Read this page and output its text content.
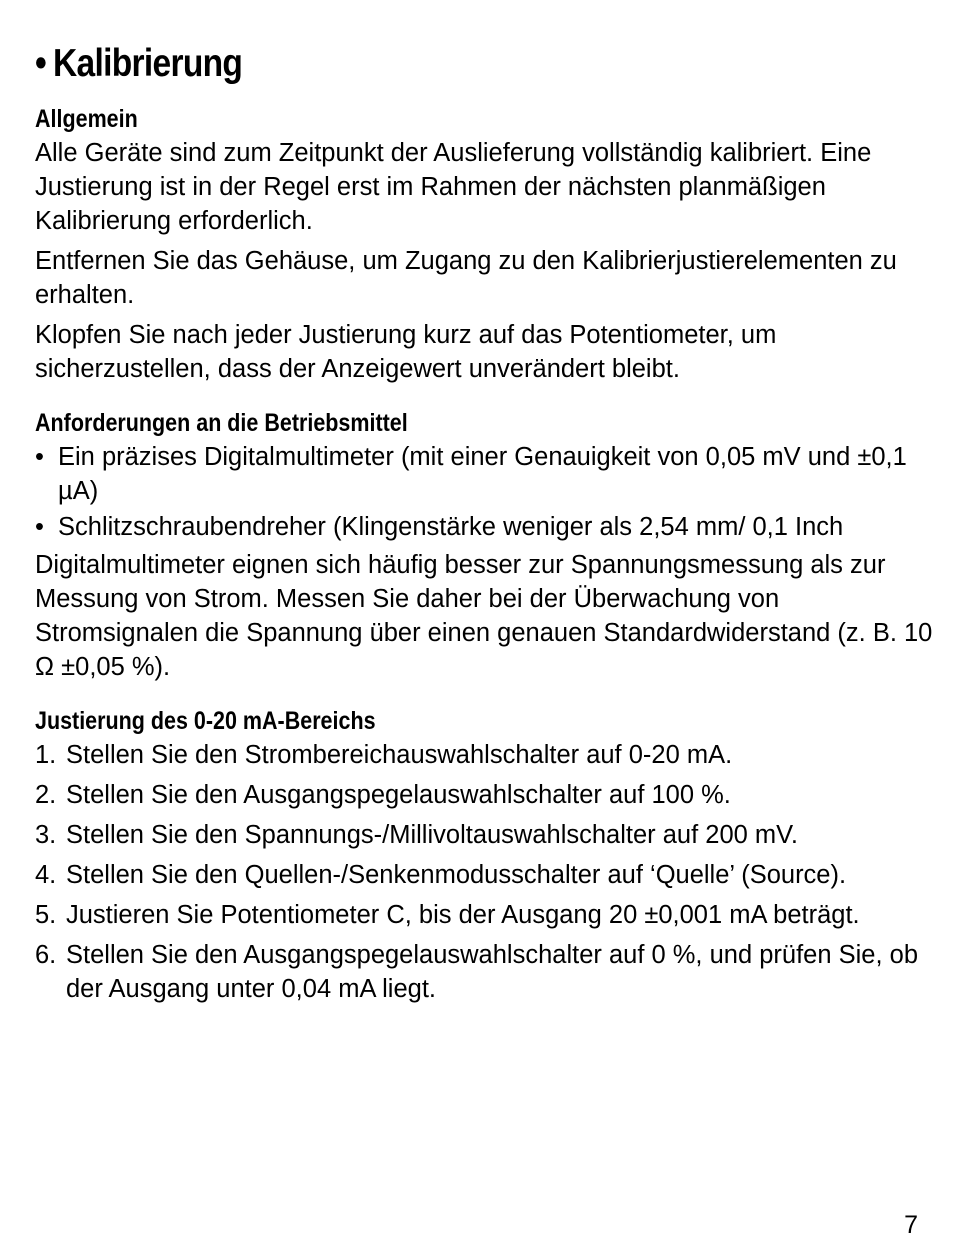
• Kalibrierung
Allgemein

Alle Geräte sind zum Zeitpunkt der Auslieferung vollständig kalibriert. Eine Justierung ist in der Regel erst im Rahmen der nächsten planmäßigen Kalibrierung erforderlich.

Entfernen Sie das Gehäuse, um Zugang zu den Kalibrierjustierelementen zu erhalten.

Klopfen Sie nach jeder Justierung kurz auf das Potentiometer, um sicherzustellen, dass der Anzeigewert unverändert bleibt.

Anforderungen an die Betriebsmittel
• Ein präzises Digitalmultimeter (mit einer Genauigkeit von 0,05 mV und ±0,1 µA)
• Schlitzschraubendreher (Klingenstärke weniger als 2,54 mm/ 0,1 Inch

Digitalmultimeter eignen sich häufig besser zur Spannungsmessung als zur Messung von Strom. Messen Sie daher bei der Überwachung von Stromsignalen die Spannung über einen genauen Standardwiderstand (z. B. 10 Ω ±0,05 %).

Justierung des 0-20 mA-Bereichs
1. Stellen Sie den Strombereichauswahlschalter auf 0-20 mA.
2. Stellen Sie den Ausgangspegelauswahlschalter auf 100 %.
3. Stellen Sie den Spannungs-/Millivoltauswahlschalter auf 200 mV.
4. Stellen Sie den Quellen-/Senkenmodusschalter auf ‘Quelle’ (Source).
5. Justieren Sie Potentiometer C, bis der Ausgang 20 ±0,001 mA beträgt.
6. Stellen Sie den Ausgangspegelauswahlschalter auf 0 %, und prüfen Sie, ob der Ausgang unter 0,04 mA liegt.
7
